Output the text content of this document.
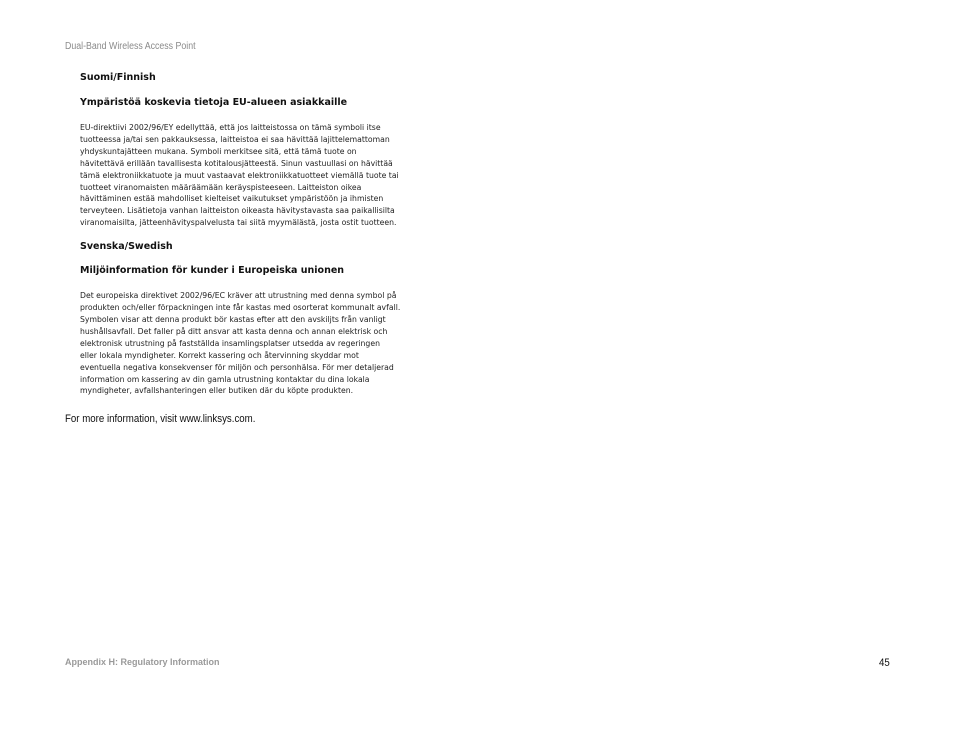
Dual-Band Wireless Access Point
Suomi/Finnish
Ympäristöä koskevia tietoja EU-alueen asiakkaille
EU-direktiivi 2002/96/EY edellyttää, että jos laitteistossa on tämä symboli itse
tuotteessa ja/tai sen pakkauksessa, laitteistoa ei saa hävittää lajittelemattoman
yhdyskuntajätteen mukana. Symboli merkitsee sitä, että tämä tuote on
hävitettävä erillään tavallisesta kotitalousjätteestä. Sinun vastuullasi on hävittää
tämä elektroniikkatuote ja muut vastaavat elektroniikkatuotteet viemällä tuote tai
tuotteet viranomaisten määräämään keräyspisteeseen. Laitteiston oikea
hävittäminen estää mahdolliset kielteiset vaikutukset ympäristöön ja ihmisten
terveyteen. Lisätietoja vanhan laitteiston oikeasta hävitystavasta saa paikallisilta
viranomaisilta, jätteenhävityspalvelusta tai siitä myymälästä, josta ostit tuotteen.
Svenska/Swedish
Miljöinformation för kunder i Europeiska unionen
Det europeiska direktivet 2002/96/EC kräver att utrustning med denna symbol på
produkten och/eller förpackningen inte får kastas med osorterat kommunalt avfall.
Symbolen visar att denna produkt bör kastas efter att den avskiljts från vanligt
hushållsavfall. Det faller på ditt ansvar att kasta denna och annan elektrisk och
elektronisk utrustning på fastställda insamlingsplatser utsedda av regeringen
eller lokala myndigheter. Korrekt kassering och återvinning skyddar mot
eventuella negativa konsekvenser för miljön och personhälsa. För mer detaljerad
information om kassering av din gamla utrustning kontaktar du dina lokala
myndigheter, avfallshanteringen eller butiken där du köpte produkten.
For more information, visit www.linksys.com.
Appendix H: Regulatory Information	45
